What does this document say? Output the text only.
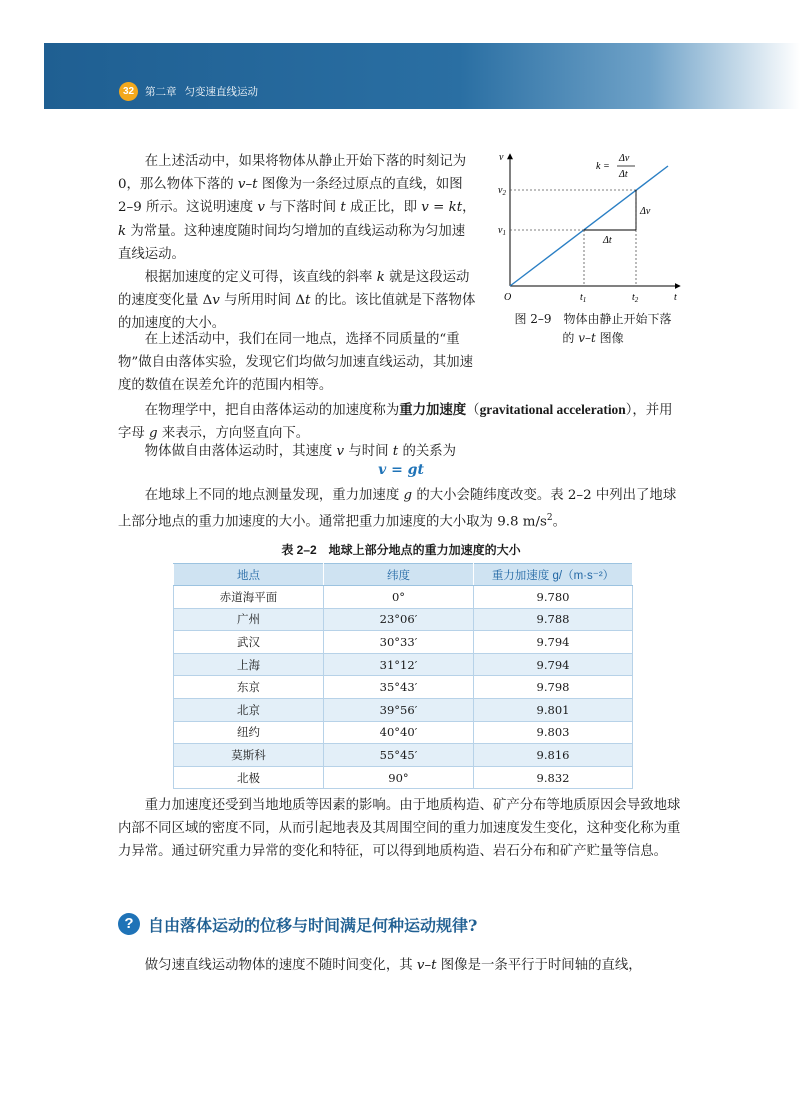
32	第二章 匀变速直线运动
在上述活动中，如果将物体从静止开始下落的时刻记为 0，那么物体下落的 v–t 图像为一条经过原点的直线，如图 2–9 所示。这说明速度 v 与下落时间 t 成正比，即 v = kt，k 为常量。这种速度随时间均匀增加的直线运动称为匀加速直线运动。
根据加速度的定义可得，该直线的斜率 k 就是这段运动的速度变化量 Δv 与所用时间 Δt 的比。该比值就是下落物体的加速度的大小。
在上述活动中，我们在同一地点，选择不同质量的“重物”做自由落体实验，发现它们均做匀加速直线运动，其加速度的数值在误差允许的范围内相等。
在物理学中，把自由落体运动的加速度称为重力加速度（gravitational acceleration），并用字母 g 来表示，方向竖直向下。
物体做自由落体运动时，其速度 v 与时间 t 的关系为
v = gt
在地球上不同的地点测量发现，重力加速度 g 的大小会随纬度改变。表 2–2 中列出了地球上部分地点的重力加速度的大小。通常把重力加速度的大小取为 9.8 $m/s^2$。
v
t
O
$v_2$
$v_1$
$t_1$	$t_2$
k =
Δv
Δt
Δv
Δt
图 2–9　 物体由静止开始下落
的 v–t 图像
表 2–2　地球上部分地点的重力加速度的大小
地点	纬度	重力加速度 g/（m·s⁻²）
赤道海平面	0°	9.780
广州	23°06′	9.788
武汉	30°33′	9.794
上海	31°12′	9.794
东京	35°43′	9.798
北京	39°56′	9.801
纽约	40°40′	9.803
莫斯科	55°45′	9.816
北极	90°	9.832
重力加速度还受到当地地质等因素的影响。由于地质构造、矿产分布等地质原因会导致地球内部不同区域的密度不同，从而引起地表及其周围空间的重力加速度发生变化，这种变化称为重力异常。通过研究重力异常的变化和特征，可以得到地质构造、岩石分布和矿产贮量等信息。
? 自由落体运动的位移与时间满足何种运动规律?
做匀速直线运动物体的速度不随时间变化，其 v–t 图像是一条平行于时间轴的直线，
